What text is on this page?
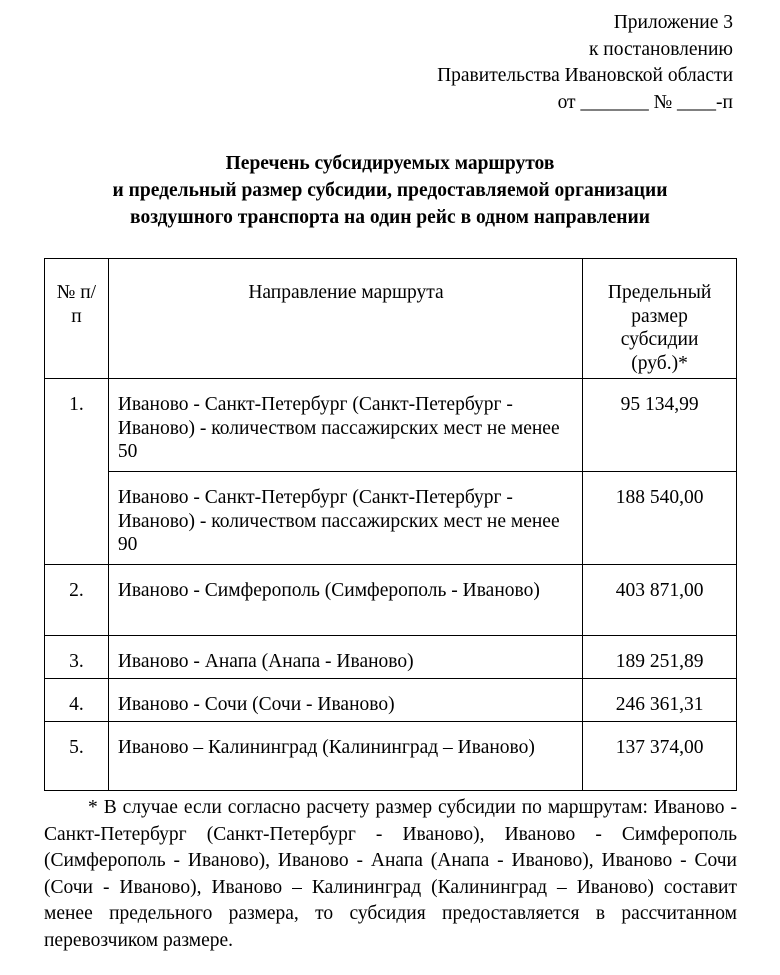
Приложение 3
к постановлению
Правительства Ивановской области
от _______ № ____-п
Перечень субсидируемых маршрутов
и предельный размер субсидии, предоставляемой организации
воздушного транспорта на один рейс в одном направлении
№ п/п	Направление маршрута	Предельный размер субсидии (руб.)*

1.	Иваново - Санкт-Петербург (Санкт-Петербург - Иваново) - количеством пассажирских мест не менее 50	95 134,99
	Иваново - Санкт-Петербург (Санкт-Петербург - Иваново) - количеством пассажирских мест не менее 90	188 540,00
2.	Иваново - Симферополь (Симферополь - Иваново)	403 871,00
3.	Иваново - Анапа (Анапа - Иваново)	189 251,89
4.	Иваново - Сочи (Сочи - Иваново)	246 361,31
5.	Иваново – Калининград (Калининград – Иваново)	137 374,00
* В случае если согласно расчету размер субсидии по маршрутам: Иваново - Санкт-Петербург (Санкт-Петербург - Иваново), Иваново - Симферополь (Симферополь - Иваново), Иваново - Анапа (Анапа - Иваново), Иваново - Сочи (Сочи - Иваново), Иваново – Калининград (Калининград – Иваново) составит менее предельного размера, то субсидия предоставляется в рассчитанном перевозчиком размере.
